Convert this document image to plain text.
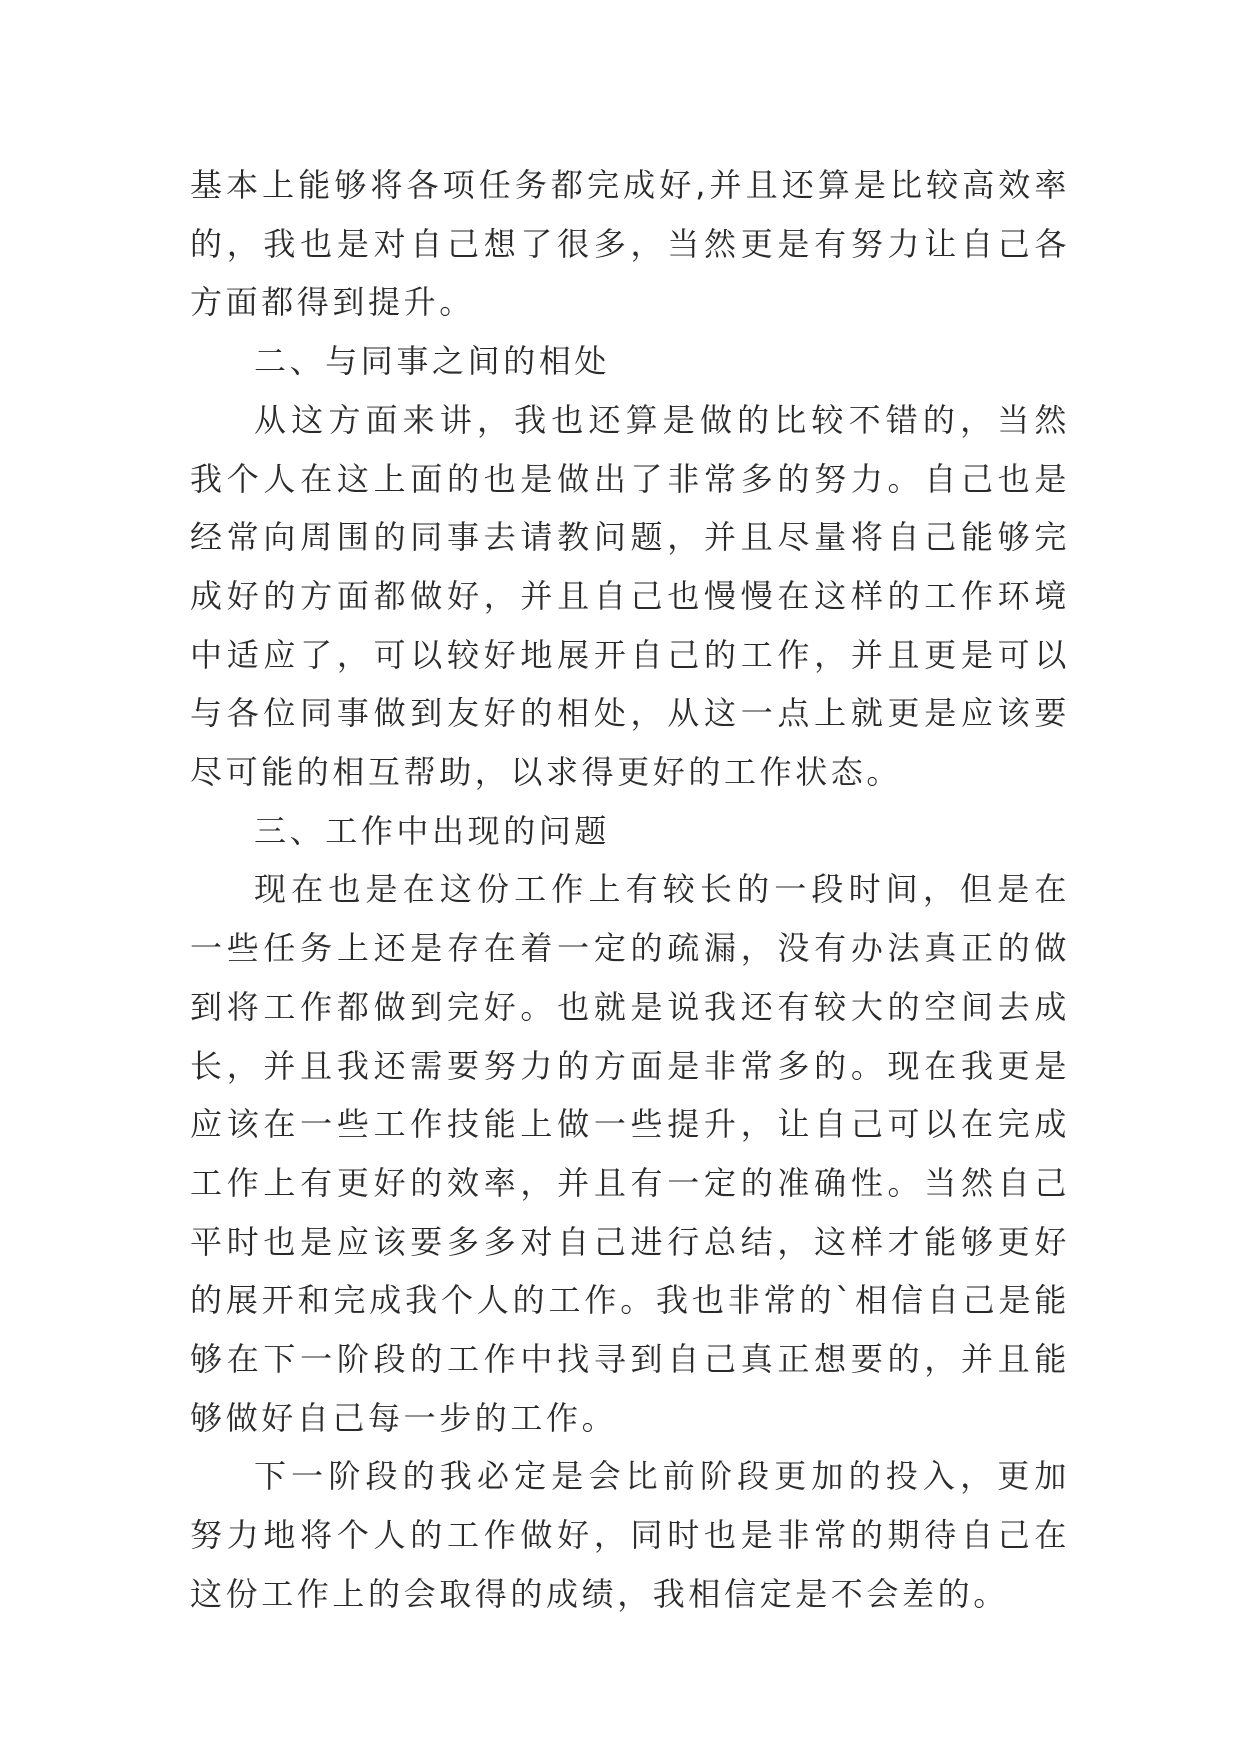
基本上能够将各项任务都完成好,并且还算是比较高效率的，我也是对自己想了很多，当然更是有努力让自己各方面都得到提升。

二、与同事之间的相处

从这方面来讲，我也还算是做的比较不错的，当然我个人在这上面的也是做出了非常多的努力。自己也是经常向周围的同事去请教问题，并且尽量将自己能够完成好的方面都做好，并且自己也慢慢在这样的工作环境中适应了，可以较好地展开自己的工作，并且更是可以与各位同事做到友好的相处，从这一点上就更是应该要尽可能的相互帮助，以求得更好的工作状态。

三、工作中出现的问题

现在也是在这份工作上有较长的一段时间，但是在一些任务上还是存在着一定的疏漏，没有办法真正的做到将工作都做到完好。也就是说我还有较大的空间去成长，并且我还需要努力的方面是非常多的。现在我更是应该在一些工作技能上做一些提升，让自己可以在完成工作上有更好的效率，并且有一定的准确性。当然自己平时也是应该要多多对自己进行总结，这样才能够更好的展开和完成我个人的工作。我也非常的`相信自己是能够在下一阶段的工作中找寻到自己真正想要的，并且能够做好自己每一步的工作。

下一阶段的我必定是会比前阶段更加的投入，更加努力地将个人的工作做好，同时也是非常的期待自己在这份工作上的会取得的成绩，我相信定是不会差的。
